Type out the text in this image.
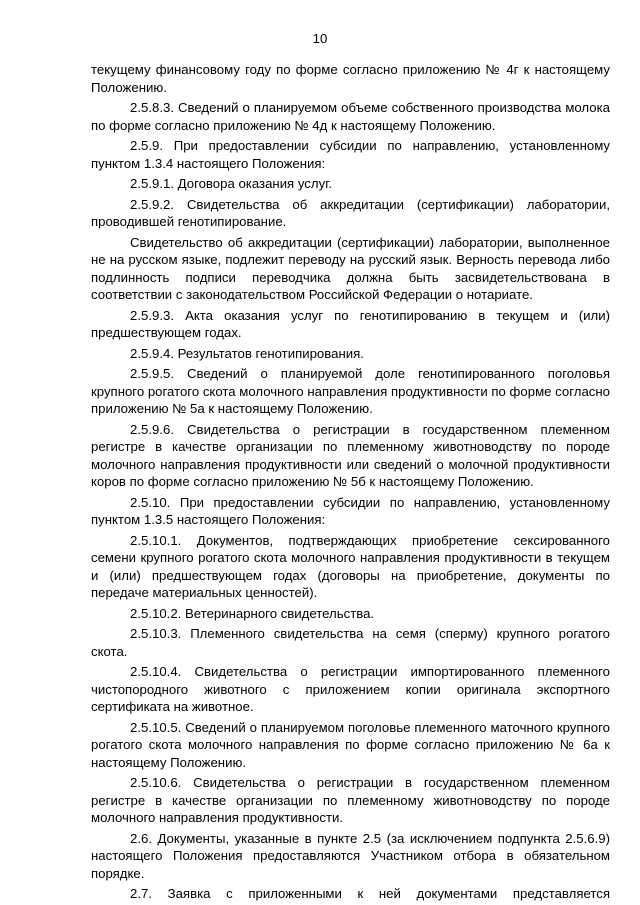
10

текущему финансовому году по форме согласно приложению № 4г к настоящему Положению.

2.5.8.3. Сведений о планируемом объеме собственного производства молока по форме согласно приложению № 4д к настоящему Положению.

2.5.9. При предоставлении субсидии по направлению, установленному пунктом 1.3.4 настоящего Положения:

2.5.9.1. Договора оказания услуг.

2.5.9.2. Свидетельства об аккредитации (сертификации) лаборатории, проводившей генотипирование.

Свидетельство об аккредитации (сертификации) лаборатории, выполненное не на русском языке, подлежит переводу на русский язык. Верность перевода либо подлинность подписи переводчика должна быть засвидетельствована в соответствии с законодательством Российской Федерации о нотариате.

2.5.9.3. Акта оказания услуг по генотипированию в текущем и (или) предшествующем годах.

2.5.9.4. Результатов генотипирования.

2.5.9.5. Сведений о планируемой доле генотипированного поголовья крупного рогатого скота молочного направления продуктивности по форме согласно приложению № 5а к настоящему Положению.

2.5.9.6. Свидетельства о регистрации в государственном племенном регистре в качестве организации по племенному животноводству по породе молочного направления продуктивности или сведений о молочной продуктивности коров по форме согласно приложению № 5б к настоящему Положению.

2.5.10. При предоставлении субсидии по направлению, установленному пунктом 1.3.5 настоящего Положения:

2.5.10.1. Документов, подтверждающих приобретение сексированного семени крупного рогатого скота молочного направления продуктивности в текущем и (или) предшествующем годах (договоры на приобретение, документы по передаче материальных ценностей).

2.5.10.2. Ветеринарного свидетельства.

2.5.10.3. Племенного свидетельства на семя (сперму) крупного рогатого скота.

2.5.10.4. Свидетельства о регистрации импортированного племенного чистопородного животного с приложением копии оригинала экспортного сертификата на животное.

2.5.10.5. Сведений о планируемом поголовье племенного маточного крупного рогатого скота молочного направления по форме согласно приложению № 6а к настоящему Положению.

2.5.10.6. Свидетельства о регистрации в государственном племенном регистре в качестве организации по племенному животноводству по породе молочного направления продуктивности.

2.6. Документы, указанные в пункте 2.5 (за исключением подпункта 2.5.6.9) настоящего Положения предоставляются Участником отбора в обязательном порядке.

2.7. Заявка с приложенными к ней документами представляется
